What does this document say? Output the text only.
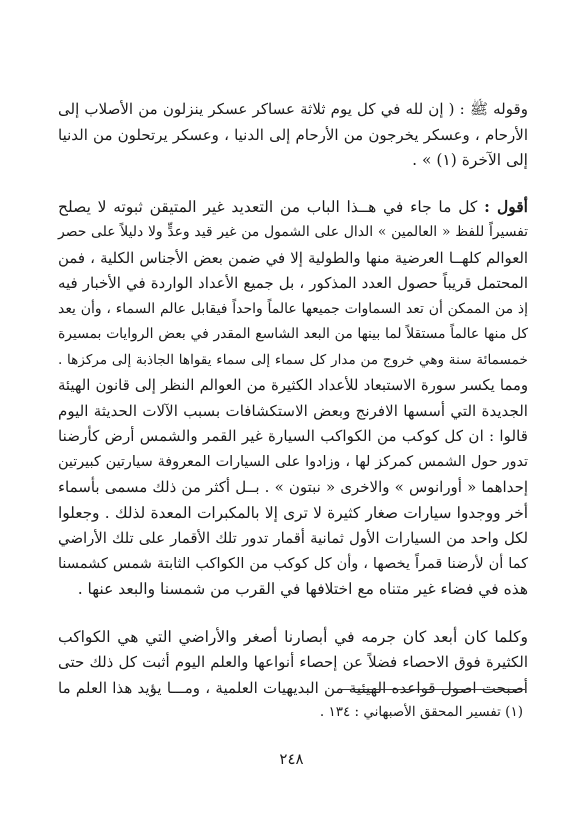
وقوله ﷺ : ( إن لله في كل يوم ثلاثة عساكر عسكر ينزلون من الأصلاب إلى
الأرحام ، وعسكر يخرجون من الأرحام إلى الدنيا ، وعسكر يرتحلون من الدنيا
إلى الآخرة (١) » .

أقول : كل ما جاء في هــذا الباب من التعديد غير المتيقن ثبوته لا يصلح
تفسيراً للفظ « العالمين » الدال على الشمول من غير قيد وعدٍّ ولا دليلاً على حصر
العوالم كلهــا العرضية منها والطولية إلا في ضمن بعض الأجناس الكلية ، فمن
المحتمل قريباً حصول العدد المذكور ، بل جميع الأعداد الواردة في الأخبار فيه
إذ من الممكن أن تعد السماوات جميعها عالماً واحداً فيقابل عالم السماء ، وأن يعد
كل منها عالماً مستقلاً لما بينها من البعد الشاسع المقدر في بعض الروايات بمسيرة
خمسمائة سنة وهي خروج من مدار كل سماء إلى سماء يقواها الجاذبة إلى مركزها .
ومما يكسر سورة الاستبعاد للأعداد الكثيرة من العوالم النظر إلى قانون الهيئة
الجديدة التي أسسها الافرنج وبعض الاستكشافات بسبب الآلات الحديثة اليوم
قالوا : ان كل كوكب من الكواكب السيارة غير القمر والشمس أرض كأرضنا
تدور حول الشمس كمركز لها ، وزادوا على السيارات المعروفة سيارتين كبيرتين
إحداهما « أورانوس » والاخرى « نبتون » . بــل أكثر من ذلك مسمى بأسماء
أخر ووجدوا سيارات صغار كثيرة لا ترى إلا بالمكبرات المعدة لذلك . وجعلوا
لكل واحد من السيارات الأول ثمانية أقمار تدور تلك الأقمار على تلك الأراضي
كما أن لأرضنا قمراً يخصها ، وأن كل كوكب من الكواكب الثابتة شمس كشمسنا
هذه في فضاء غير متناه مع اختلافها في القرب من شمسنا والبعد عنها .

وكلما كان أبعد كان جرمه في أبصارنا أصغر والأراضي التي هي الكواكب
الكثيرة فوق الاحصاء فضلاً عن إحصاء أنواعها والعلم اليوم أثبت كل ذلك حتى
أصبحت اصول قواعده الهيئية من البديهيات العلمية ، ومـــا يؤيد هذا العلم ما

(١) تفسير المحقق الأصبهاني : ١٣٤ .
٢٤٨
